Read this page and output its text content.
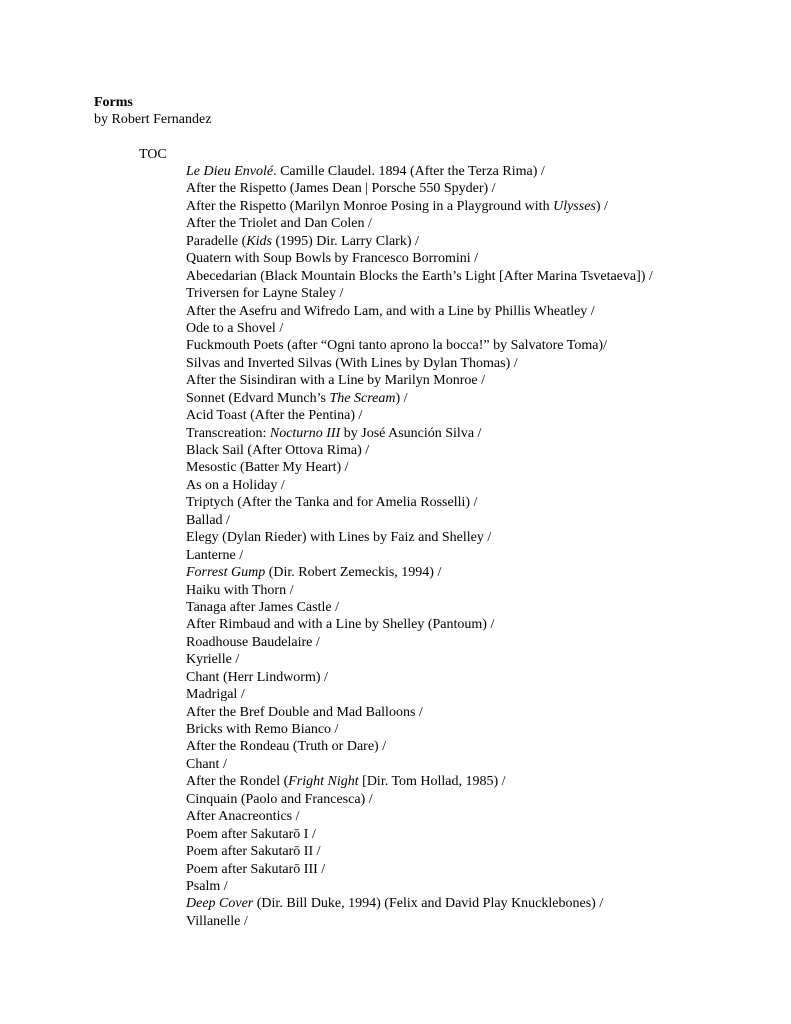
Forms

by Robert Fernandez

TOC

Le Dieu Envolé. Camille Claudel. 1894 (After the Terza Rima) /
After the Rispetto (James Dean | Porsche 550 Spyder) /
After the Rispetto (Marilyn Monroe Posing in a Playground with Ulysses) /
After the Triolet and Dan Colen /
Paradelle (Kids (1995) Dir. Larry Clark) /
Quatern with Soup Bowls by Francesco Borromini /
Abecedarian (Black Mountain Blocks the Earth’s Light [After Marina Tsvetaeva]) /
Triversen for Layne Staley /
After the Asefru and Wifredo Lam, and with a Line by Phillis Wheatley /
Ode to a Shovel /
Fuckmouth Poets (after “Ogni tanto aprono la bocca!” by Salvatore Toma)/
Silvas and Inverted Silvas (With Lines by Dylan Thomas) /
After the Sisindiran with a Line by Marilyn Monroe /
Sonnet (Edvard Munch’s The Scream) /
Acid Toast (After the Pentina) /
Transcreation: Nocturno III by José Asunción Silva /
Black Sail (After Ottova Rima) /
Mesostic (Batter My Heart) /
As on a Holiday /
Triptych (After the Tanka and for Amelia Rosselli) /
Ballad /
Elegy (Dylan Rieder) with Lines by Faiz and Shelley /
Lanterne /
Forrest Gump (Dir. Robert Zemeckis, 1994) /
Haiku with Thorn /
Tanaga after James Castle /
After Rimbaud and with a Line by Shelley (Pantoum) /
Roadhouse Baudelaire /
Kyrielle /
Chant (Herr Lindworm) /
Madrigal /
After the Bref Double and Mad Balloons /
Bricks with Remo Bianco /
After the Rondeau (Truth or Dare) /
Chant /
After the Rondel (Fright Night [Dir. Tom Hollad, 1985) /
Cinquain (Paolo and Francesca) /
After Anacreontics /
Poem after Sakutarō I /
Poem after Sakutarō II /
Poem after Sakutarō III /
Psalm /
Deep Cover (Dir. Bill Duke, 1994) (Felix and David Play Knucklebones) /
Villanelle /
